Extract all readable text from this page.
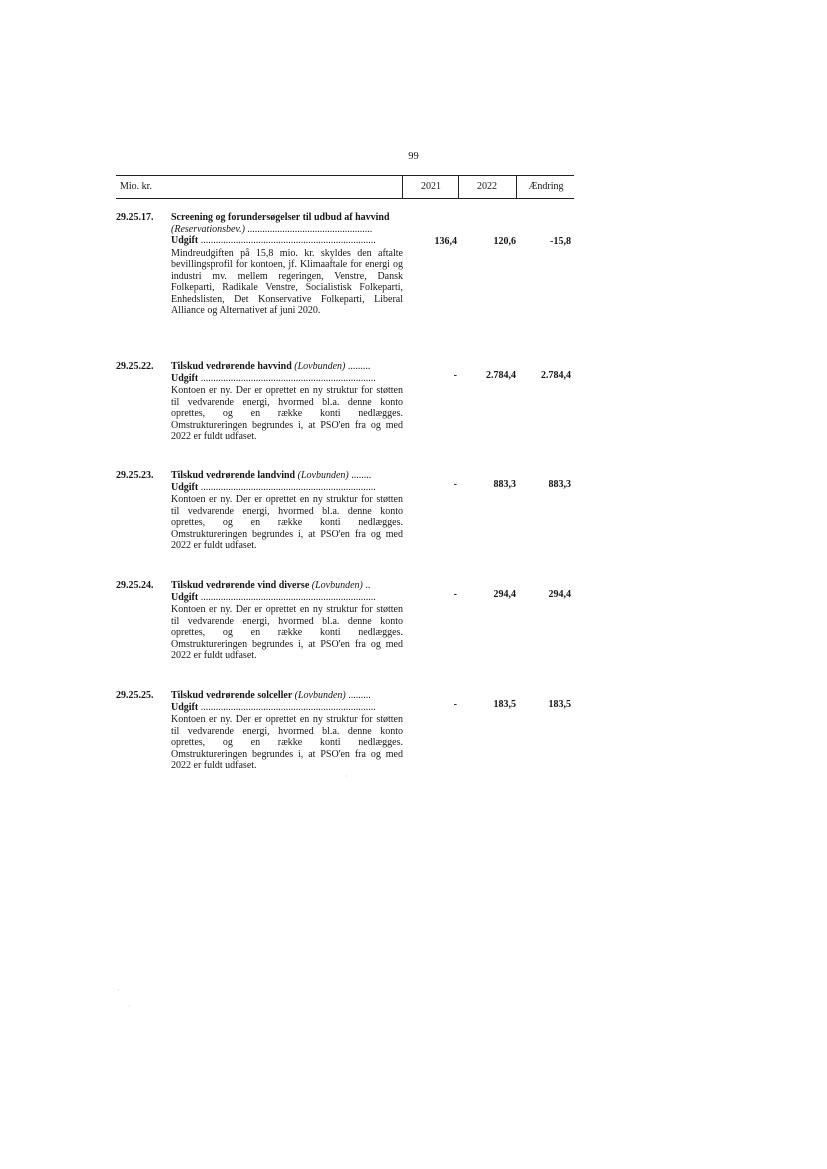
99
Mio. kr.	2021	2022	Ændring
29.25.17. Screening og forundersøgelser til udbud af havvind
(Reservationsbev.) ..................................................
Udgift ......................................................................
Mindreudgiften på 15,8 mio. kr. skyldes den aftalte bevillingsprofil for kontoen, jf. Klimaaftale for energi og industri mv. mellem regeringen, Venstre, Dansk Folkeparti, Radikale Venstre, Socialistisk Folkeparti, Enhedslisten, Det Konservative Folkeparti, Liberal Alliance og Alternativet af juni 2020.
136,4	120,6	-15,8
29.25.22. Tilskud vedrørende havvind (Lovbunden) .........
Udgift ......................................................................
Kontoen er ny. Der er oprettet en ny struktur for støtten til vedvarende energi, hvormed bl.a. denne konto oprettes, og en række konti nedlægges. Omstruktureringen begrundes i, at PSO'en fra og med 2022 er fuldt udfaset.
-	2.784,4	2.784,4
29.25.23. Tilskud vedrørende landvind (Lovbunden) ........
Udgift ......................................................................
Kontoen er ny. Der er oprettet en ny struktur for støtten til vedvarende energi, hvormed bl.a. denne konto oprettes, og en række konti nedlægges. Omstruktureringen begrundes i, at PSO'en fra og med 2022 er fuldt udfaset.
-	883,3	883,3
29.25.24. Tilskud vedrørende vind diverse (Lovbunden) ..
Udgift ......................................................................
Kontoen er ny. Der er oprettet en ny struktur for støtten til vedvarende energi, hvormed bl.a. denne konto oprettes, og en række konti nedlægges. Omstruktureringen begrundes i, at PSO'en fra og med 2022 er fuldt udfaset.
-	294,4	294,4
29.25.25. Tilskud vedrørende solceller (Lovbunden) .........
Udgift ......................................................................
Kontoen er ny. Der er oprettet en ny struktur for støtten til vedvarende energi, hvormed bl.a. denne konto oprettes, og en række konti nedlægges. Omstruktureringen begrundes i, at PSO'en fra og med 2022 er fuldt udfaset.
-	183,5	183,5
·
·
·
